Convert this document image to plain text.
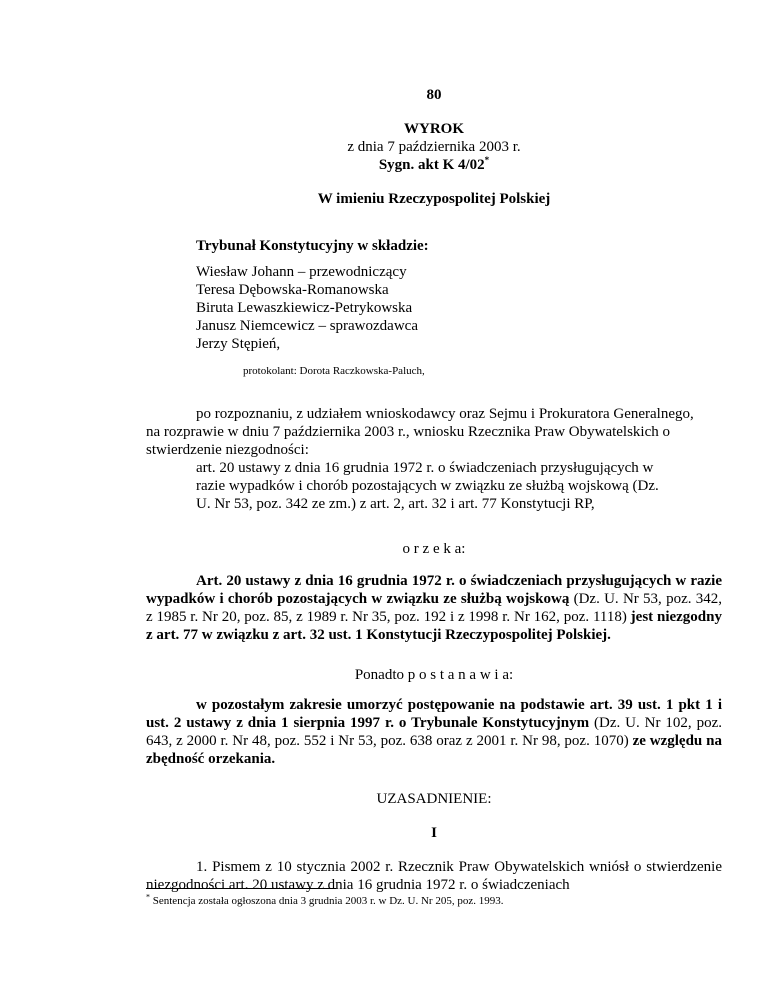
80
WYROK
z dnia 7 października 2003 r.
Sygn. akt K 4/02*
W imieniu Rzeczypospolitej Polskiej
Trybunał Konstytucyjny w składzie:
Wiesław Johann – przewodniczący
Teresa Dębowska-Romanowska
Biruta Lewaszkiewicz-Petrykowska
Janusz Niemcewicz – sprawozdawca
Jerzy Stępień,
protokolant: Dorota Raczkowska-Paluch,
po rozpoznaniu, z udziałem wnioskodawcy oraz Sejmu i Prokuratora Generalnego,
na rozprawie w dniu 7 października 2003 r., wniosku Rzecznika Praw Obywatelskich o
stwierdzenie niezgodności:
art. 20 ustawy z dnia 16 grudnia 1972 r. o świadczeniach przysługujących w
razie wypadków i chorób pozostających w związku ze służbą wojskową (Dz.
U. Nr 53, poz. 342 ze zm.) z art. 2, art. 32 i art. 77 Konstytucji RP,
o r z e k a:
Art. 20 ustawy z dnia 16 grudnia 1972 r. o świadczeniach przysługujących w razie wypadków i chorób pozostających w związku ze służbą wojskową (Dz. U. Nr 53, poz. 342, z 1985 r. Nr 20, poz. 85, z 1989 r. Nr 35, poz. 192 i z 1998 r. Nr 162, poz. 1118) jest niezgodny z art. 77 w związku z art. 32 ust. 1 Konstytucji Rzeczypospolitej Polskiej.
Ponadto p o s t a n a w i a:
w pozostałym zakresie umorzyć postępowanie na podstawie art. 39 ust. 1 pkt 1 i ust. 2 ustawy z dnia 1 sierpnia 1997 r. o Trybunale Konstytucyjnym (Dz. U. Nr 102, poz. 643, z 2000 r. Nr 48, poz. 552 i Nr 53, poz. 638 oraz z 2001 r. Nr 98, poz. 1070) ze względu na zbędność orzekania.
UZASADNIENIE:
I
1. Pismem z 10 stycznia 2002 r. Rzecznik Praw Obywatelskich wniósł o stwierdzenie niezgodności art. 20 ustawy z dnia 16 grudnia 1972 r. o świadczeniach
* Sentencja została ogłoszona dnia 3 grudnia 2003 r. w Dz. U. Nr 205, poz. 1993.
